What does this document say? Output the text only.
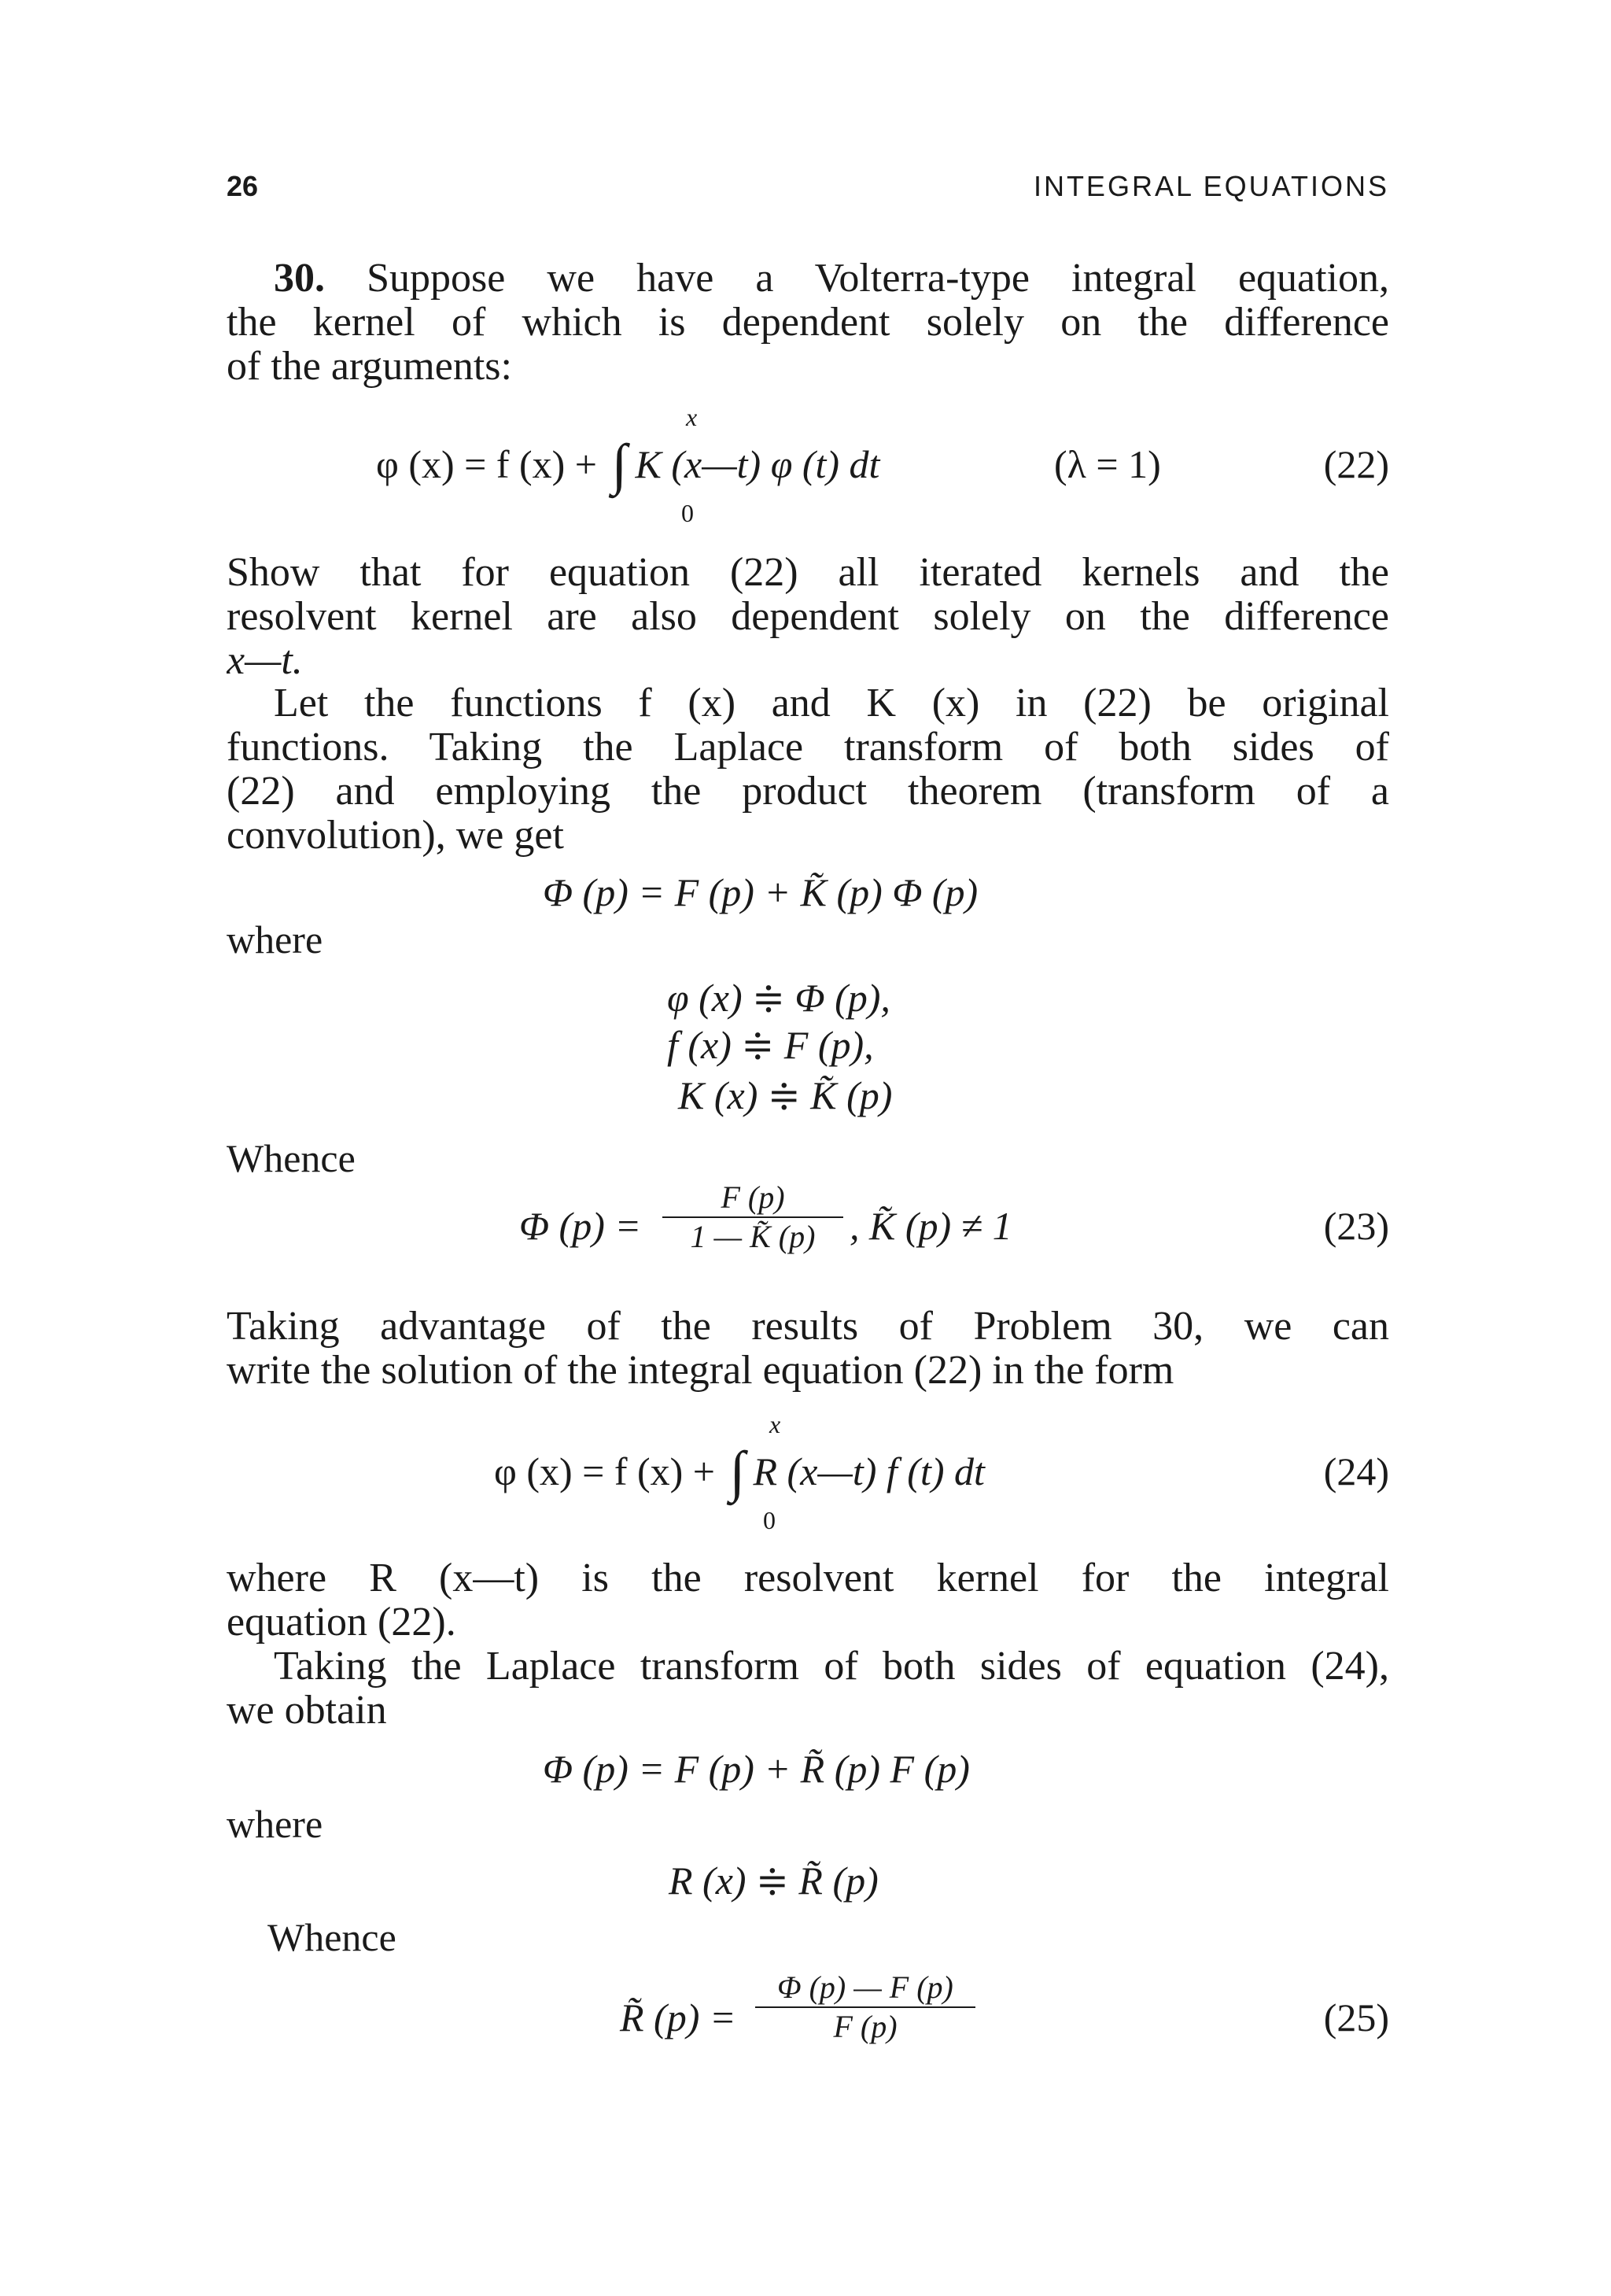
26	INTEGRAL EQUATIONS
30. Suppose we have a Volterra-type integral equation,
the kernel of which is dependent solely on the difference
of the arguments:
φ (x) = f (x) + ∫ K (x—t) φ (t) dt
x
0
(λ = 1)	(22)
Show that for equation (22) all iterated kernels and the
resolvent kernel are also dependent solely on the difference
x—t.
Let the functions f (x) and K (x) in (22) be original
functions. Taking the Laplace transform of both sides of
(22) and employing the product theorem (transform of a
convolution), we get
Φ (p) = F (p) + K̃ (p) Φ (p)
where
φ (x) ≑ Φ (p),
f (x) ≑ F (p),
K (x) ≑ K̃ (p)
Whence
Φ (p) =
F (p)
1 — K̃ (p) , K̃ (p) ≠ 1	(23)
Taking advantage of the results of Problem 30, we can
write the solution of the integral equation (22) in the form
φ (x) = f (x) + ∫ R (x—t) f (t) dt
x
0
(24)
where R (x—t) is the resolvent kernel for the integral
equation (22).
Taking the Laplace transform of both sides of equation (24),
we obtain
Φ (p) = F (p) + R̃ (p) F (p)
where
R (x) ≑ R̃ (p)
Whence
R̃ (p) =
Φ (p) — F (p)
F (p)	(25)
